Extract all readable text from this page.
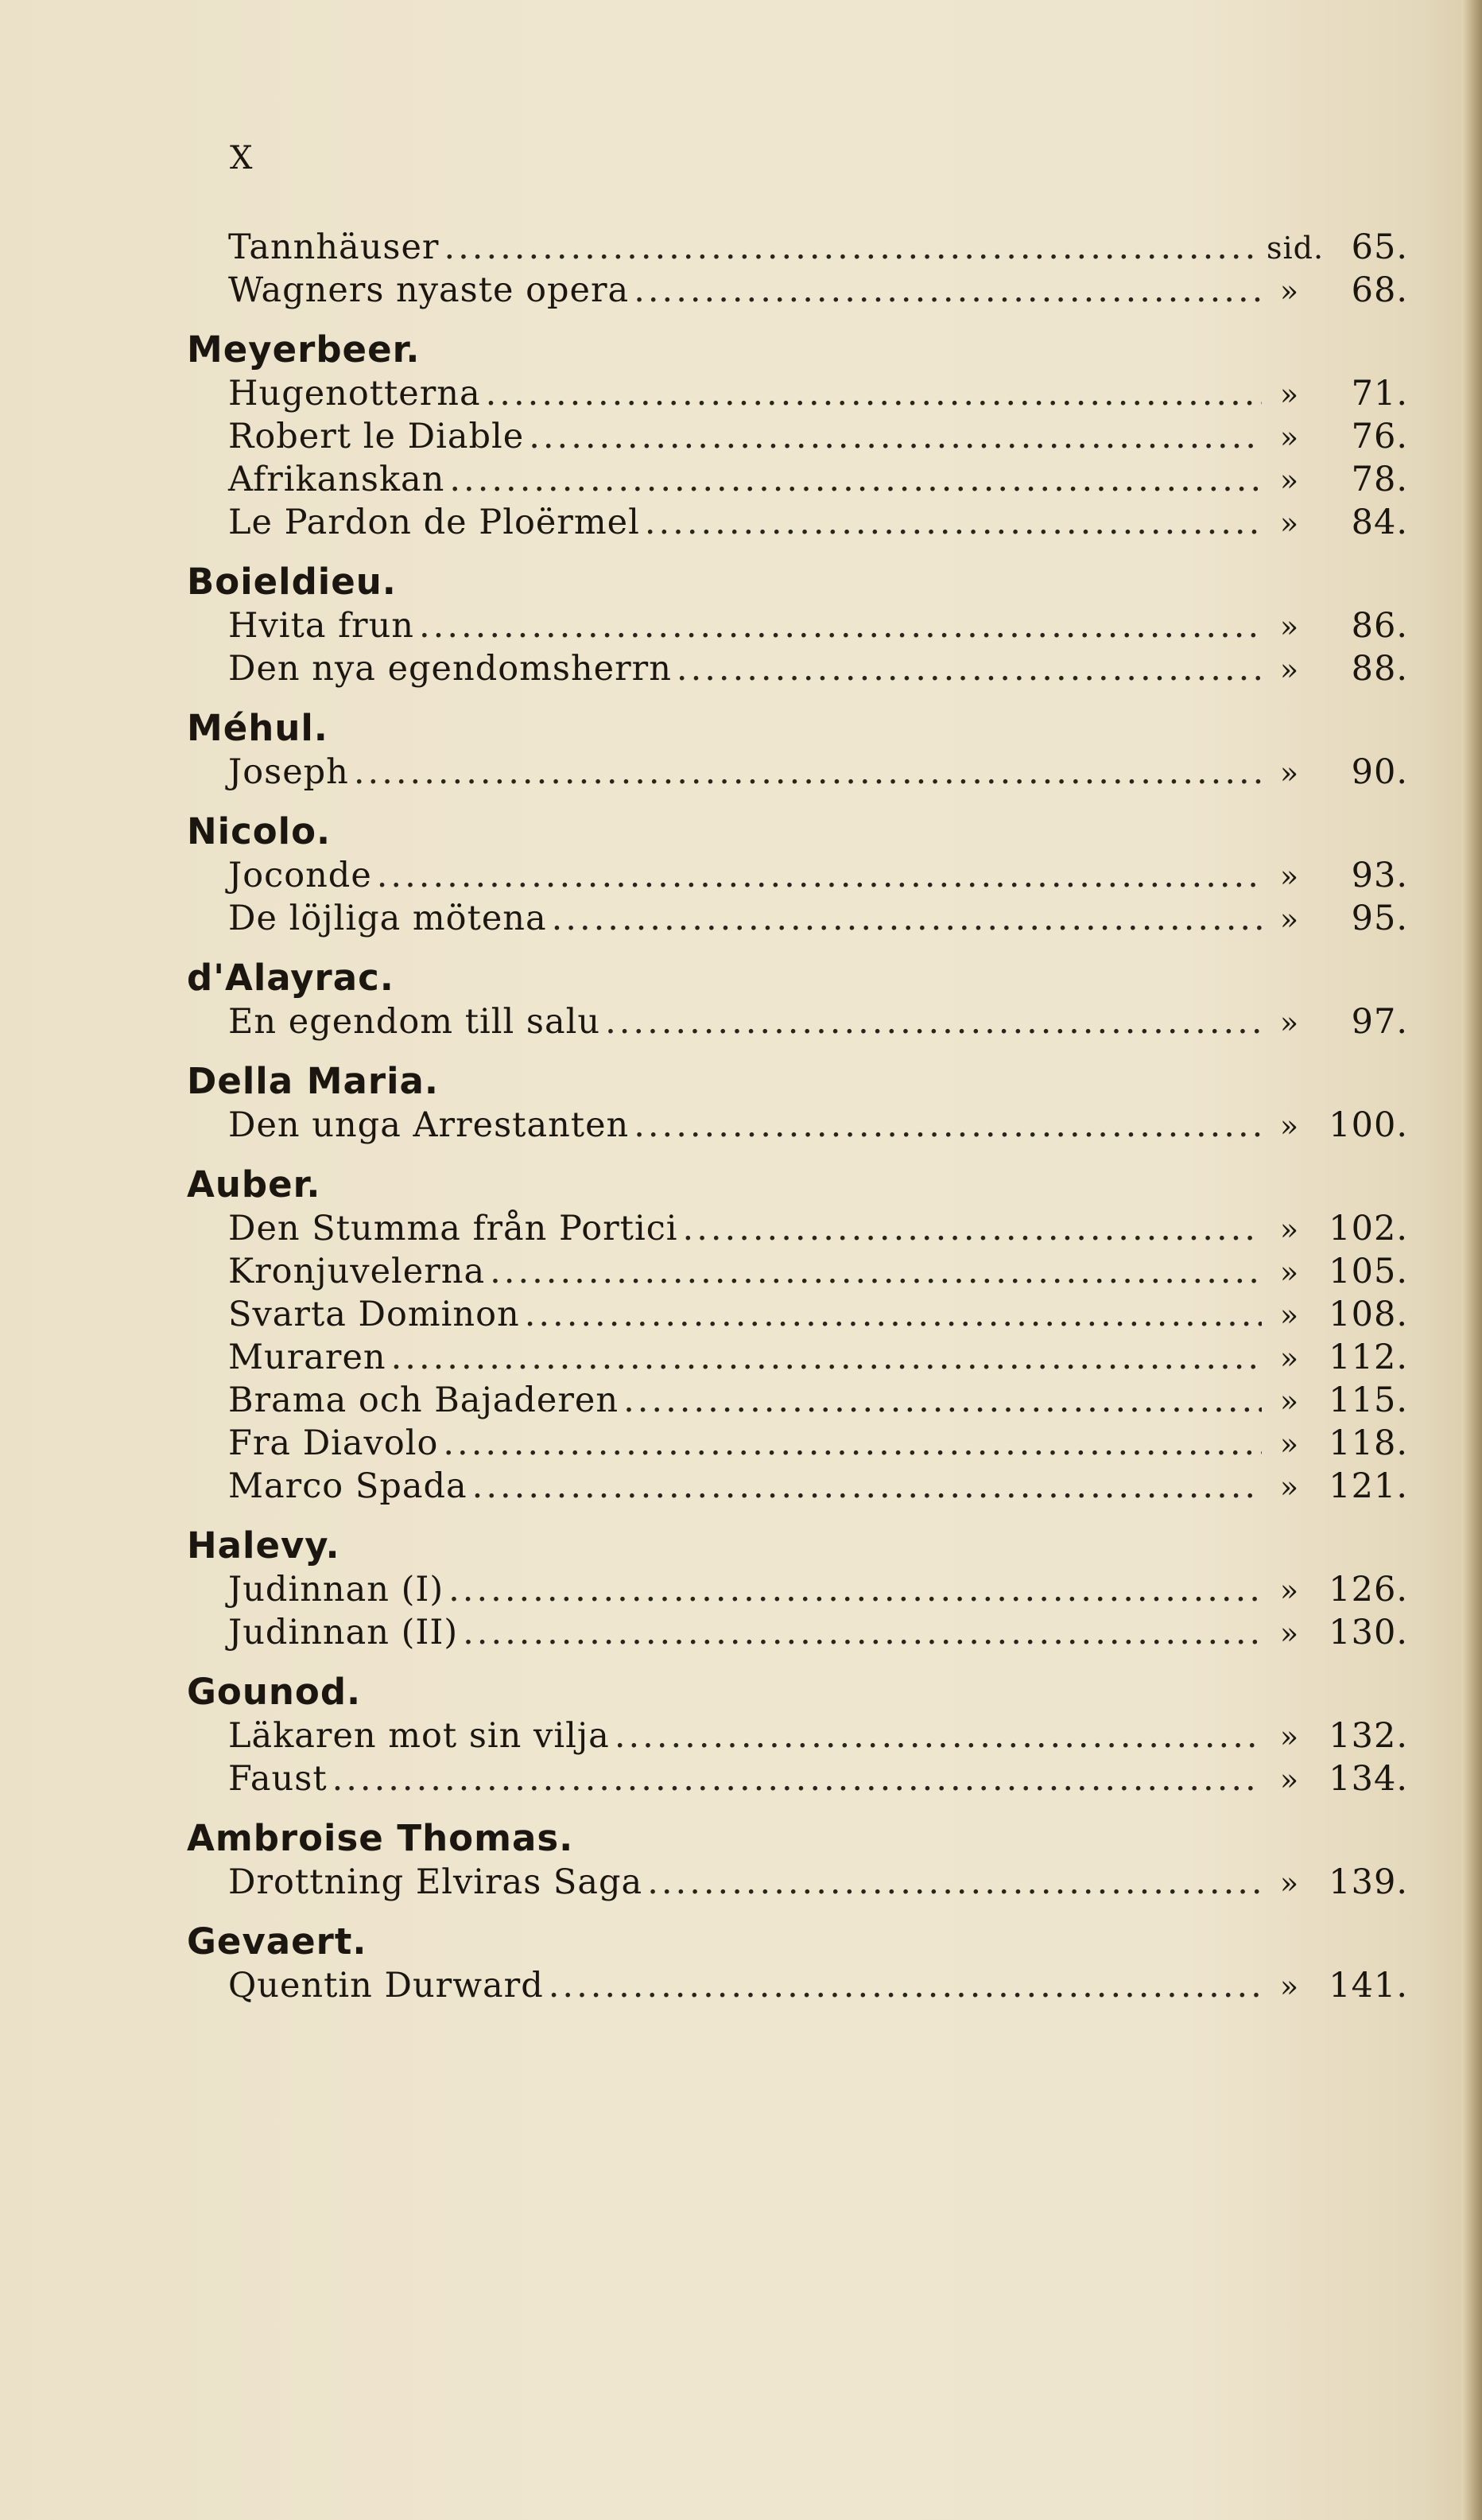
X
Tannhäuser .....	sid. 65.
Wagners nyaste opera .....	»	68.
Meyerbeer.
Hugenotterna .....	»	71.
Robert le Diable .....	»	76.
Afrikanskan .....	»	78.
Le Pardon de Ploërmel .....	»	84.
Boieldieu.
Hvita frun .....	»	86.
Den nya egendomsherrn .....	»	88.
Méhul.
Joseph .....	»	90.
Nicolo.
Joconde .....	»	93.
De löjliga mötena .....	»	95.
d'Alayrac.
En egendom till salu .....	»	97.
Della Maria.
Den unga Arrestanten .....	» 100.
Auber.
Den Stumma från Portici .....	» 102.
Kronjuvelerna .....	» 105.
Svarta Dominon .....	» 108.
Muraren .....	» 112.
Brama och Bajaderen .....	» 115.
Fra Diavolo .....	» 118.
Marco Spada .....	» 121.
Halevy.
Judinnan (I) .....	» 126.
Judinnan (II) .....	» 130.
Gounod.
Läkaren mot sin vilja .....	» 132.
Faust .....	» 134.
Ambroise Thomas.
Drottning Elviras Saga .....	» 139.
Gevaert.
Quentin Durward .....	» 141.
